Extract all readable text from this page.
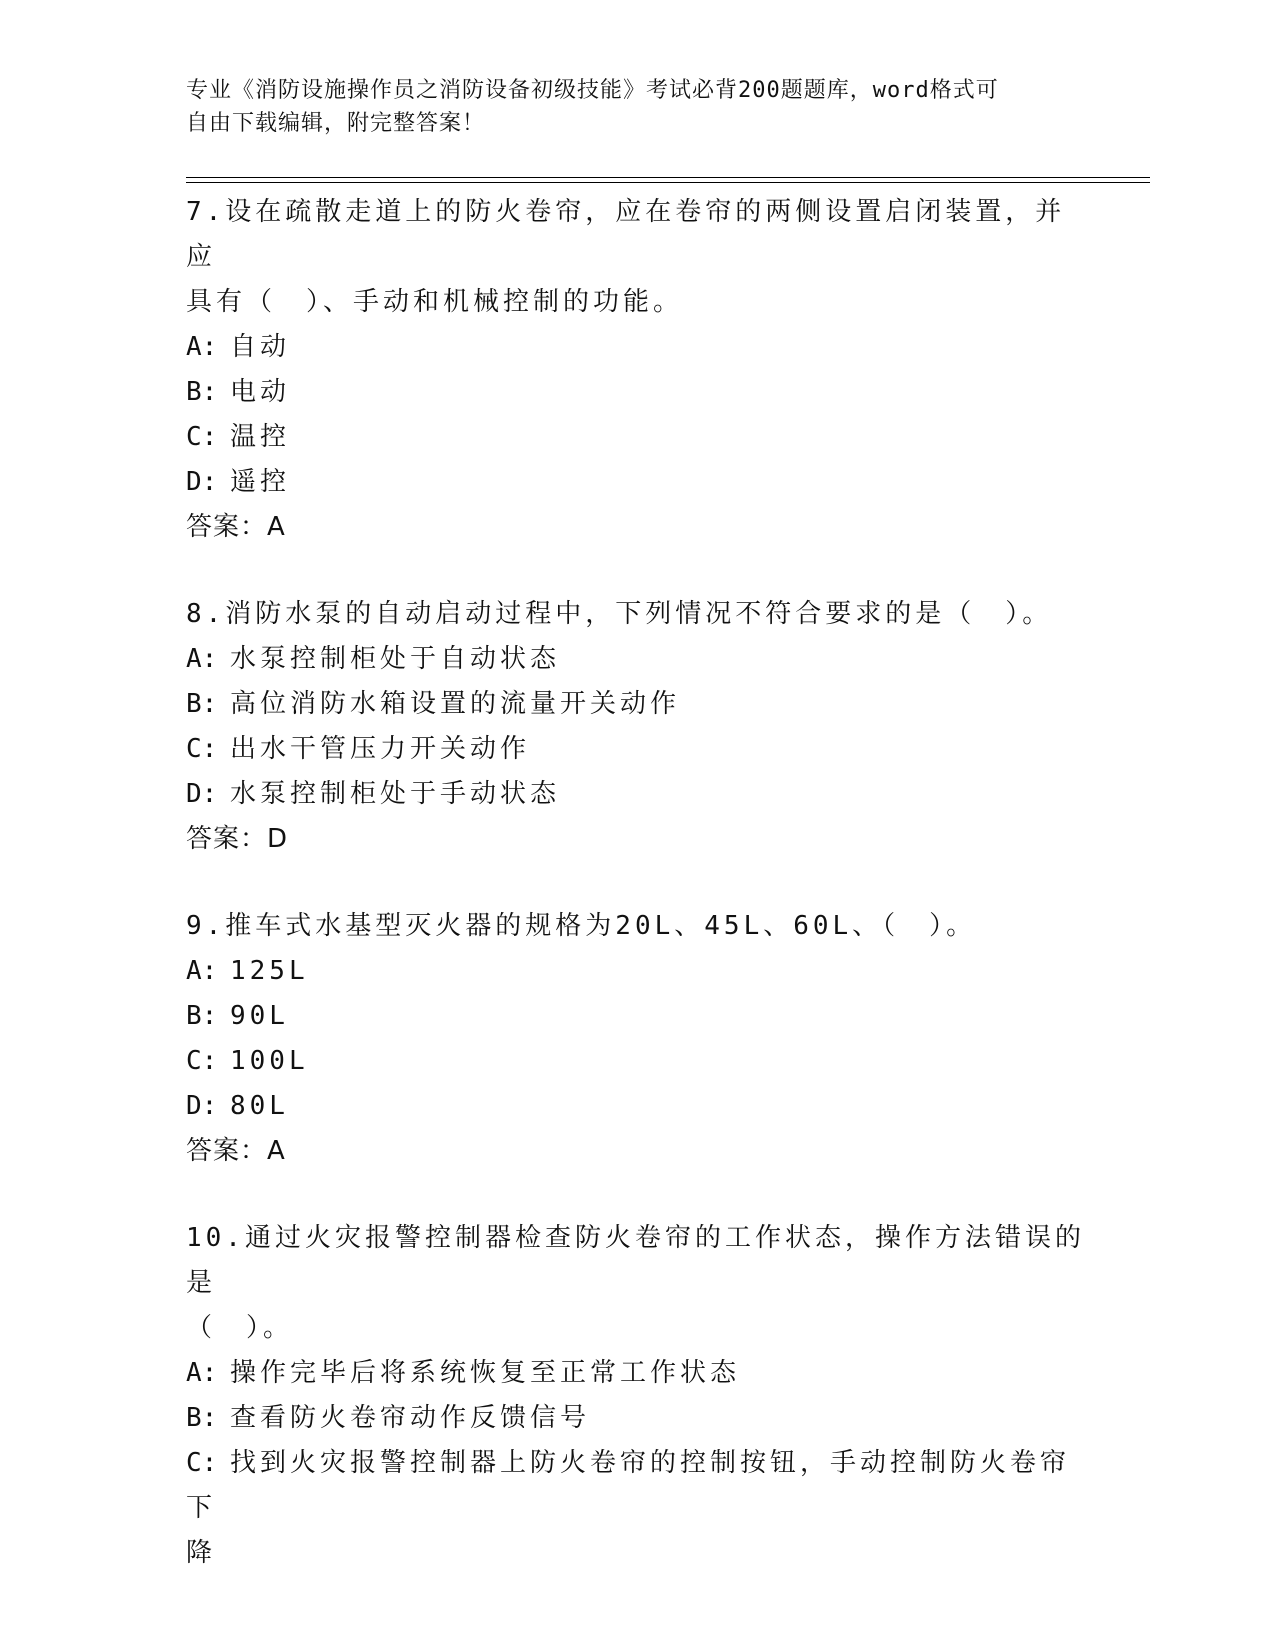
专业《消防设施操作员之消防设备初级技能》考试必背200题题库，word格式可
自由下载编辑，附完整答案！

7.设在疏散走道上的防火卷帘，应在卷帘的两侧设置启闭装置，并应

具有（　）、手动和机械控制的功能。

A: 自动

B: 电动

C: 温控

D: 遥控

答案：A

8.消防水泵的自动启动过程中，下列情况不符合要求的是（　）。

A: 水泵控制柜处于自动状态

B: 高位消防水箱设置的流量开关动作

C: 出水干管压力开关动作

D: 水泵控制柜处于手动状态

答案：D

9.推车式水基型灭火器的规格为20L、45L、60L、（　）。

A: 125L

B: 90L

C: 100L

D: 80L

答案：A

10.通过火灾报警控制器检查防火卷帘的工作状态，操作方法错误的是

（　）。

A: 操作完毕后将系统恢复至正常工作状态

B: 查看防火卷帘动作反馈信号

C: 找到火灾报警控制器上防火卷帘的控制按钮，手动控制防火卷帘下

降
